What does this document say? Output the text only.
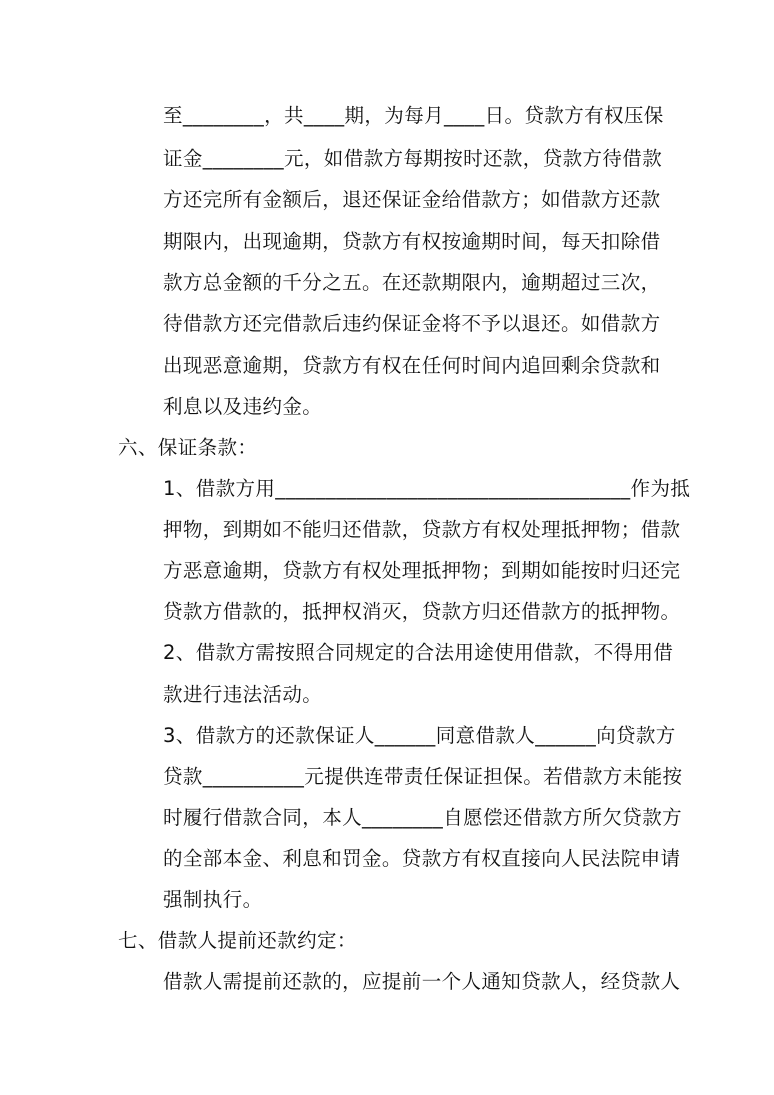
至________，共____期，为每月____日。贷款方有权压保
证金________元，如借款方每期按时还款，贷款方待借款
方还完所有金额后，退还保证金给借款方；如借款方还款
期限内，出现逾期，贷款方有权按逾期时间，每天扣除借
款方总金额的千分之五。在还款期限内，逾期超过三次，
待借款方还完借款后违约保证金将不予以退还。如借款方
出现恶意逾期，贷款方有权在任何时间内追回剩余贷款和
利息以及违约金。
六、保证条款：
1、借款方用___________________________________作为抵
押物，到期如不能归还借款，贷款方有权处理抵押物；借款
方恶意逾期，贷款方有权处理抵押物；到期如能按时归还完
贷款方借款的，抵押权消灭，贷款方归还借款方的抵押物。
2、借款方需按照合同规定的合法用途使用借款，不得用借
款进行违法活动。
3、借款方的还款保证人______同意借款人______向贷款方
贷款__________元提供连带责任保证担保。若借款方未能按
时履行借款合同，本人________自愿偿还借款方所欠贷款方
的全部本金、利息和罚金。贷款方有权直接向人民法院申请
强制执行。
七、借款人提前还款约定：
借款人需提前还款的，应提前一个人通知贷款人，经贷款人
